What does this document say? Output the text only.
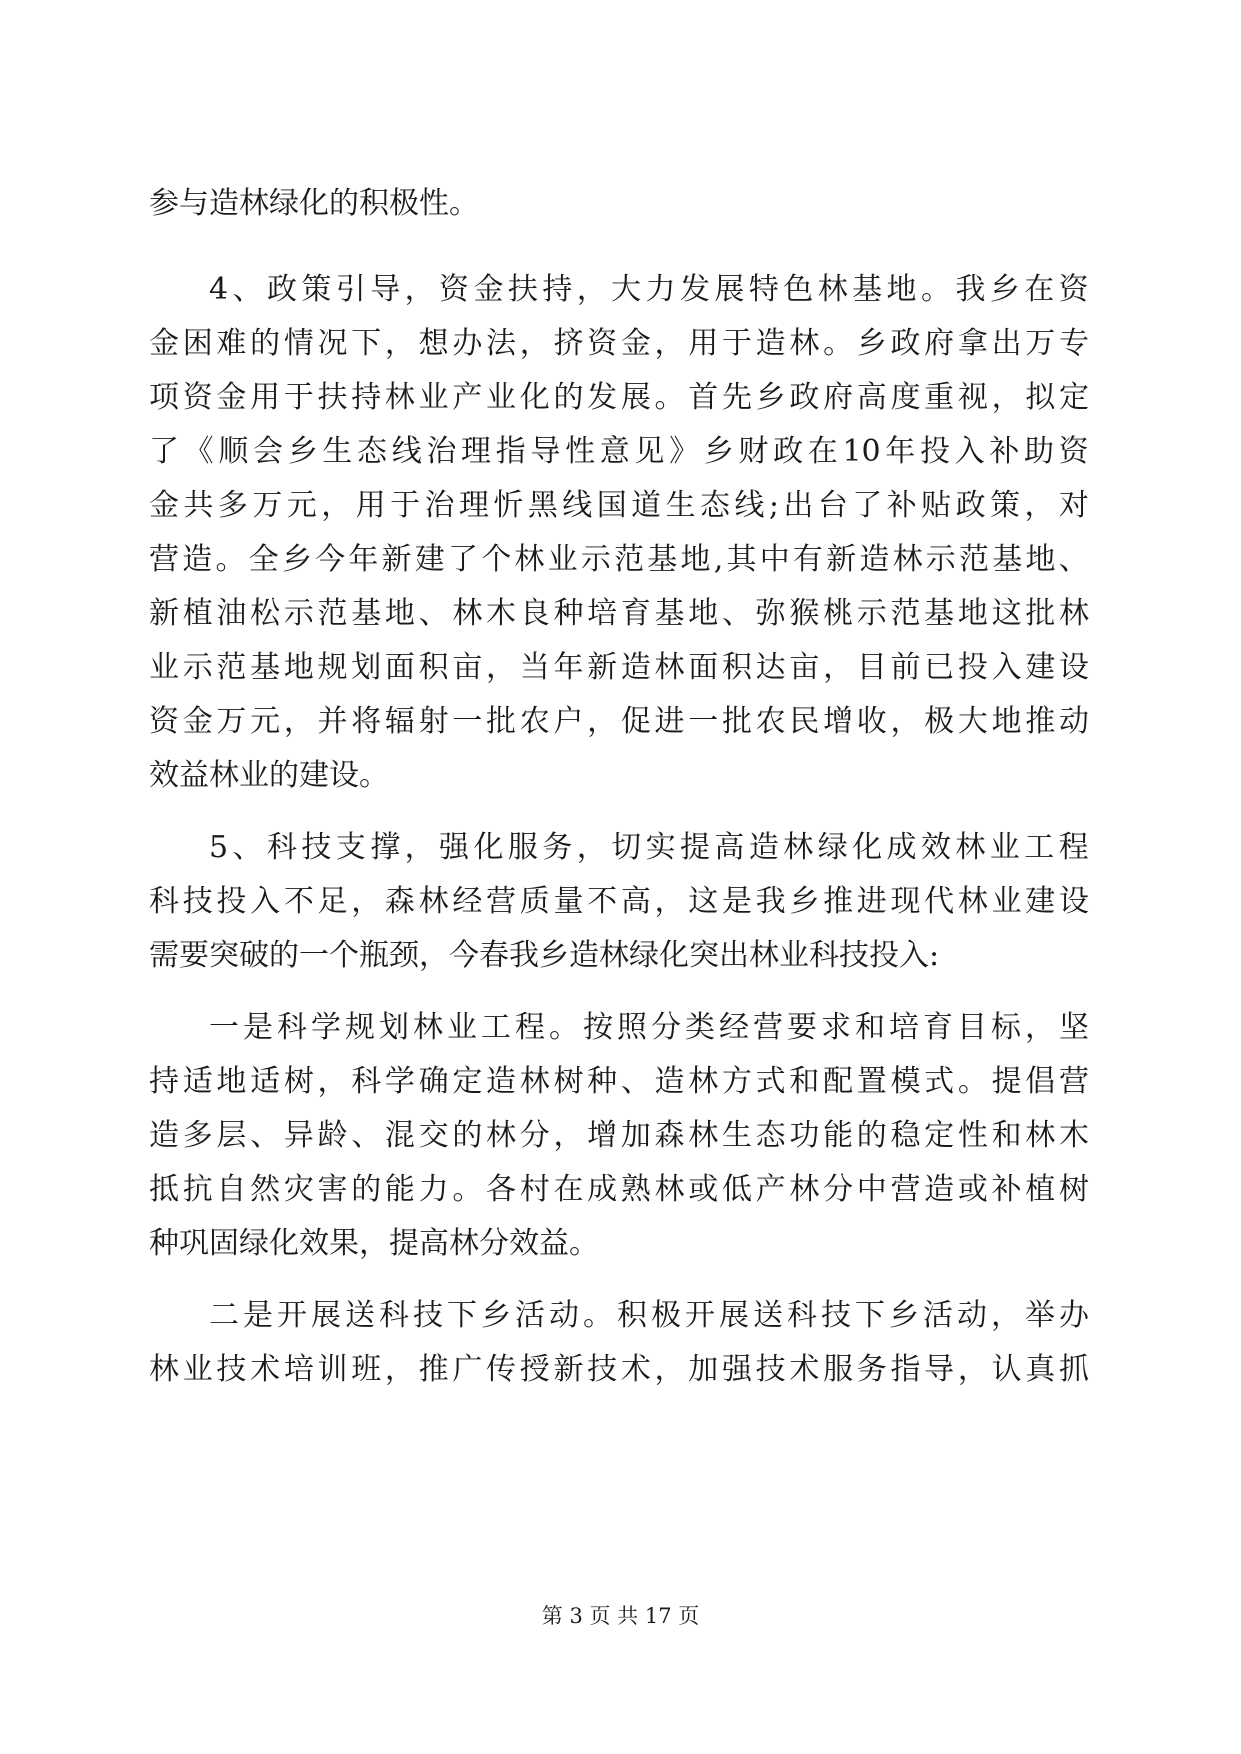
参与造林绿化的积极性。
4 、 政 策 引 导 ， 资 金 扶 持 ， 大 力 发 展 特 色 林 基 地 。 我 乡 在 资
金 困 难 的 情 况 下 ， 想 办 法 ， 挤 资 金 ， 用 于 造 林 。 乡 政 府 拿 出 万 专
项 资 金 用 于 扶 持 林 业 产 业 化 的 发 展 。 首 先 乡 政 府 高 度 重 视 ， 拟 定
了 《 顺 会 乡 生 态 线 治 理 指 导 性 意 见 》 乡 财 政 在 10 年 投 入 补 助 资
金 共 多 万 元 ， 用 于 治 理 忻 黑 线 国 道 生 态 线 ; 出 台 了 补 贴 政 策 ， 对
营 造 。 全 乡 今 年 新 建 了 个 林 业 示 范 基 地 , 其 中 有 新 造 林 示 范 基 地 、
新 植 油 松 示 范 基 地 、 林 木 良 种 培 育 基 地 、 弥 猴 桃 示 范 基 地 这 批 林
业 示 范 基 地 规 划 面 积 亩 ， 当 年 新 造 林 面 积 达 亩 ， 目 前 已 投 入 建 设
资 金 万 元 ， 并 将 辐 射 一 批 农 户 ， 促 进 一 批 农 民 增 收 ， 极 大 地 推 动
效益林业的建设。
5 、 科 技 支 撑 ， 强 化 服 务 ， 切 实 提 高 造 林 绿 化 成 效 林 业 工 程
科 技 投 入 不 足 ， 森 林 经 营 质 量 不 高 ， 这 是 我 乡 推 进 现 代 林 业 建 设
需要突破的一个瓶颈，今春我乡造林绿化突出林业科技投入:
一 是 科 学 规 划 林 业 工 程 。 按 照 分 类 经 营 要 求 和 培 育 目 标 ， 坚
持 适 地 适 树 ， 科 学 确 定 造 林 树 种 、 造 林 方 式 和 配 置 模 式 。 提 倡 营
造 多 层 、 异 龄 、 混 交 的 林 分 ， 增 加 森 林 生 态 功 能 的 稳 定 性 和 林 木
抵 抗 自 然 灾 害 的 能 力 。 各 村 在 成 熟 林 或 低 产 林 分 中 营 造 或 补 植 树
种巩固绿化效果，提高林分效益。
二 是 开 展 送 科 技 下 乡 活 动 。 积 极 开 展 送 科 技 下 乡 活 动 ， 举 办
林 业 技 术 培 训 班 ， 推 广 传 授 新 技 术 ， 加 强 技 术 服 务 指 导 ， 认 真 抓
第 3 页 共 17 页
